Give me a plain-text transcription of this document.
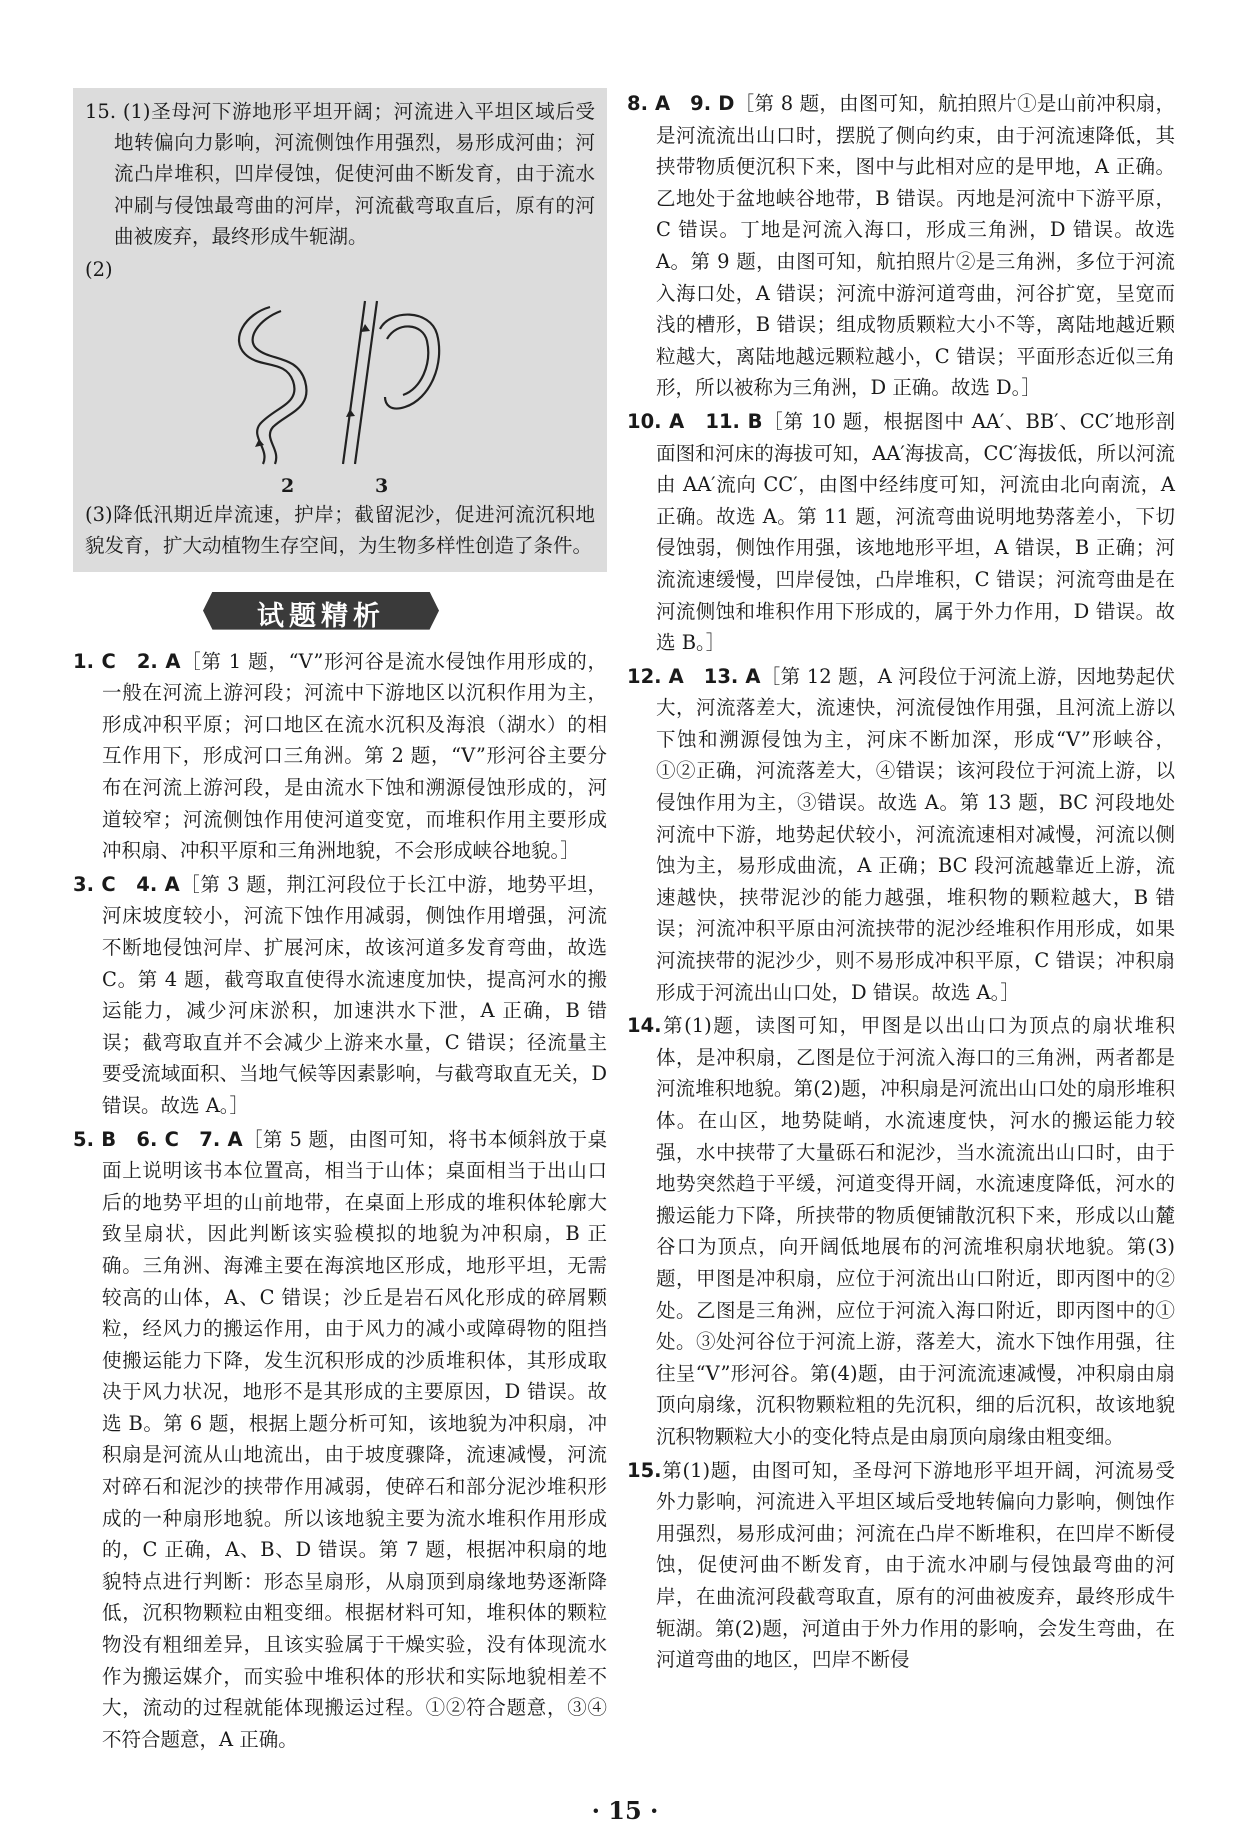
15. (1)圣母河下游地形平坦开阔；河流进入平坦区域后受地转偏向力影响，河流侧蚀作用强烈，易形成河曲；河流凸岸堆积，凹岸侵蚀，促使河曲不断发育，由于流水冲刷与侵蚀最弯曲的河岸，河流截弯取直后，原有的河曲被废弃，最终形成牛轭湖。

(2)

2	3

(3)降低汛期近岸流速，护岸；截留泥沙，促进河流沉积地貌发育，扩大动植物生存空间，为生物多样性创造了条件。

试题精析

1. C　2. A［第 1 题，“V”形河谷是流水侵蚀作用形成的，一般在河流上游河段；河流中下游地区以沉积作用为主，形成冲积平原；河口地区在流水沉积及海浪（湖水）的相互作用下，形成河口三角洲。第 2 题，“V”形河谷主要分布在河流上游河段，是由流水下蚀和溯源侵蚀形成的，河道较窄；河流侧蚀作用使河道变宽，而堆积作用主要形成冲积扇、冲积平原和三角洲地貌，不会形成峡谷地貌。］

3. C　4. A［第 3 题，荆江河段位于长江中游，地势平坦，河床坡度较小，河流下蚀作用减弱，侧蚀作用增强，河流不断地侵蚀河岸、扩展河床，故该河道多发育弯曲，故选 C。第 4 题，截弯取直使得水流速度加快，提高河水的搬运能力，减少河床淤积，加速洪水下泄，A 正确，B 错误；截弯取直并不会减少上游来水量，C 错误；径流量主要受流域面积、当地气候等因素影响，与截弯取直无关，D 错误。故选 A。］

5. B　6. C　7. A［第 5 题，由图可知，将书本倾斜放于桌面上说明该书本位置高，相当于山体；桌面相当于出山口后的地势平坦的山前地带，在桌面上形成的堆积体轮廓大致呈扇状，因此判断该实验模拟的地貌为冲积扇，B 正确。三角洲、海滩主要在海滨地区形成，地形平坦，无需较高的山体，A、C 错误；沙丘是岩石风化形成的碎屑颗粒，经风力的搬运作用，由于风力的减小或障碍物的阻挡使搬运能力下降，发生沉积形成的沙质堆积体，其形成取决于风力状况，地形不是其形成的主要原因，D 错误。故选 B。第 6 题，根据上题分析可知，该地貌为冲积扇，冲积扇是河流从山地流出，由于坡度骤降，流速减慢，河流对碎石和泥沙的挟带作用减弱，使碎石和部分泥沙堆积形成的一种扇形地貌。所以该地貌主要为流水堆积作用形成的，C 正确，A、B、D 错误。第 7 题，根据冲积扇的地貌特点进行判断：形态呈扇形，从扇顶到扇缘地势逐渐降低，沉积物颗粒由粗变细。根据材料可知，堆积体的颗粒物没有粗细差异，且该实验属于干燥实验，没有体现流水作为搬运媒介，而实验中堆积体的形状和实际地貌相差不大，流动的过程就能体现搬运过程。①②符合题意，③④不符合题意，A 正确。

8. A　9. D［第 8 题，由图可知，航拍照片①是山前冲积扇，是河流流出山口时，摆脱了侧向约束，由于河流速降低，其挟带物质便沉积下来，图中与此相对应的是甲地，A 正确。乙地处于盆地峡谷地带，B 错误。丙地是河流中下游平原，C 错误。丁地是河流入海口，形成三角洲，D 错误。故选 A。第 9 题，由图可知，航拍照片②是三角洲，多位于河流入海口处，A 错误；河流中游河道弯曲，河谷扩宽，呈宽而浅的槽形，B 错误；组成物质颗粒大小不等，离陆地越近颗粒越大，离陆地越远颗粒越小，C 错误；平面形态近似三角形，所以被称为三角洲，D 正确。故选 D。］

10. A　11. B［第 10 题，根据图中 AA′、BB′、CC′地形剖面图和河床的海拔可知，AA′海拔高，CC′海拔低，所以河流由 AA′流向 CC′，由图中经纬度可知，河流由北向南流，A 正确。故选 A。第 11 题，河流弯曲说明地势落差小，下切侵蚀弱，侧蚀作用强，该地地形平坦，A 错误，B 正确；河流流速缓慢，凹岸侵蚀，凸岸堆积，C 错误；河流弯曲是在河流侧蚀和堆积作用下形成的，属于外力作用，D 错误。故选 B。］

12. A　13. A［第 12 题，A 河段位于河流上游，因地势起伏大，河流落差大，流速快，河流侵蚀作用强，且河流上游以下蚀和溯源侵蚀为主，河床不断加深，形成“V”形峡谷，①②正确，河流落差大，④错误；该河段位于河流上游，以侵蚀作用为主，③错误。故选 A。第 13 题，BC 河段地处河流中下游，地势起伏较小，河流流速相对减慢，河流以侧蚀为主，易形成曲流，A 正确；BC 段河流越靠近上游，流速越快，挟带泥沙的能力越强，堆积物的颗粒越大，B 错误；河流冲积平原由河流挟带的泥沙经堆积作用形成，如果河流挟带的泥沙少，则不易形成冲积平原，C 错误；冲积扇形成于河流出山口处，D 错误。故选 A。］

14.第(1)题，读图可知，甲图是以出山口为顶点的扇状堆积体，是冲积扇，乙图是位于河流入海口的三角洲，两者都是河流堆积地貌。第(2)题，冲积扇是河流出山口处的扇形堆积体。在山区，地势陡峭，水流速度快，河水的搬运能力较强，水中挟带了大量砾石和泥沙，当水流流出山口时，由于地势突然趋于平缓，河道变得开阔，水流速度降低，河水的搬运能力下降，所挟带的物质便铺散沉积下来，形成以山麓谷口为顶点，向开阔低地展布的河流堆积扇状地貌。第(3)题，甲图是冲积扇，应位于河流出山口附近，即丙图中的②处。乙图是三角洲，应位于河流入海口附近，即丙图中的①处。③处河谷位于河流上游，落差大，流水下蚀作用强，往往呈“V”形河谷。第(4)题，由于河流流速减慢，冲积扇由扇顶向扇缘，沉积物颗粒粗的先沉积，细的后沉积，故该地貌沉积物颗粒大小的变化特点是由扇顶向扇缘由粗变细。

15.第(1)题，由图可知，圣母河下游地形平坦开阔，河流易受外力影响，河流进入平坦区域后受地转偏向力影响，侧蚀作用强烈，易形成河曲；河流在凸岸不断堆积，在凹岸不断侵蚀，促使河曲不断发育，由于流水冲刷与侵蚀最弯曲的河岸，在曲流河段截弯取直，原有的河曲被废弃，最终形成牛轭湖。第(2)题，河道由于外力作用的影响，会发生弯曲，在河道弯曲的地区，凹岸不断侵

· 15 ·
